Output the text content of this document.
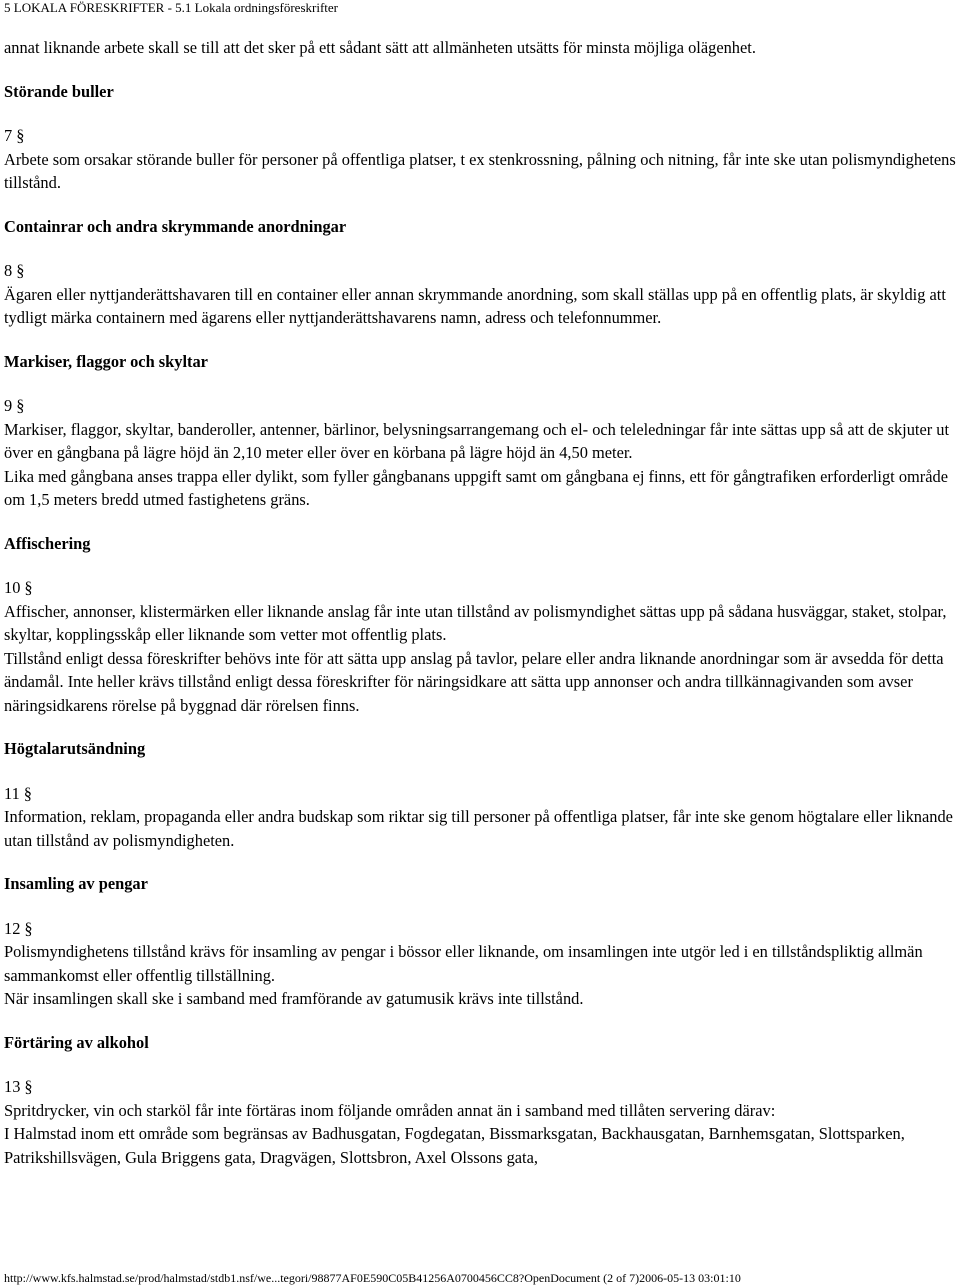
5 LOKALA FÖRESKRIFTER - 5.1 Lokala ordningsföreskrifter

annat liknande arbete skall se till att det sker på ett sådant sätt att allmänheten utsätts för minsta möjliga olägenhet.

Störande buller

7 §

Arbete som orsakar störande buller för personer på offentliga platser, t ex stenkrossning, pålning och nitning, får inte ske utan polismyndighetens tillstånd.

Containrar och andra skrymmande anordningar

8 §

Ägaren eller nyttjanderättshavaren till en container eller annan skrymmande anordning, som skall ställas upp på en offentlig plats, är skyldig att tydligt märka containern med ägarens eller nyttjanderättshavarens namn, adress och telefonnummer.

Markiser, flaggor och skyltar

9 §

Markiser, flaggor, skyltar, banderoller, antenner, bärlinor, belysningsarrangemang och el- och teleledningar får inte sättas upp så att de skjuter ut över en gångbana på lägre höjd än 2,10 meter eller över en körbana på lägre höjd än 4,50 meter.

Lika med gångbana anses trappa eller dylikt, som fyller gångbanans uppgift samt om gångbana ej finns, ett för gångtrafiken erforderligt område om 1,5 meters bredd utmed fastighetens gräns.

Affischering

10 §

Affischer, annonser, klistermärken eller liknande anslag får inte utan tillstånd av polismyndighet sättas upp på sådana husväggar, staket, stolpar, skyltar, kopplingsskåp eller liknande som vetter mot offentlig plats.

Tillstånd enligt dessa föreskrifter behövs inte för att sätta upp anslag på tavlor, pelare eller andra liknande anordningar som är avsedda för detta ändamål. Inte heller krävs tillstånd enligt dessa föreskrifter för näringsidkare att sätta upp annonser och andra tillkännagivanden som avser näringsidkarens rörelse på byggnad där rörelsen finns.

Högtalarutsändning

11 §

Information, reklam, propaganda eller andra budskap som riktar sig till personer på offentliga platser, får inte ske genom högtalare eller liknande utan tillstånd av polismyndigheten.

Insamling av pengar

12 §

Polismyndighetens tillstånd krävs för insamling av pengar i bössor eller liknande, om insamlingen inte utgör led i en tillståndspliktig allmän sammankomst eller offentlig tillställning.

När insamlingen skall ske i samband med framförande av gatumusik krävs inte tillstånd.

Förtäring av alkohol

13 §

Spritdrycker, vin och starköl får inte förtäras inom följande områden annat än i samband med tillåten servering därav:

I Halmstad inom ett område som begränsas av Badhusgatan, Fogdegatan, Bissmarksgatan, Backhausgatan, Barnhemsgatan, Slottsparken, Patrikshillsvägen, Gula Briggens gata, Dragvägen, Slottsbron, Axel Olssons gata,

http://www.kfs.halmstad.se/prod/halmstad/stdb1.nsf/we...tegori/98877AF0E590C05B41256A0700456CC8?OpenDocument (2 of 7)2006-05-13 03:01:10
